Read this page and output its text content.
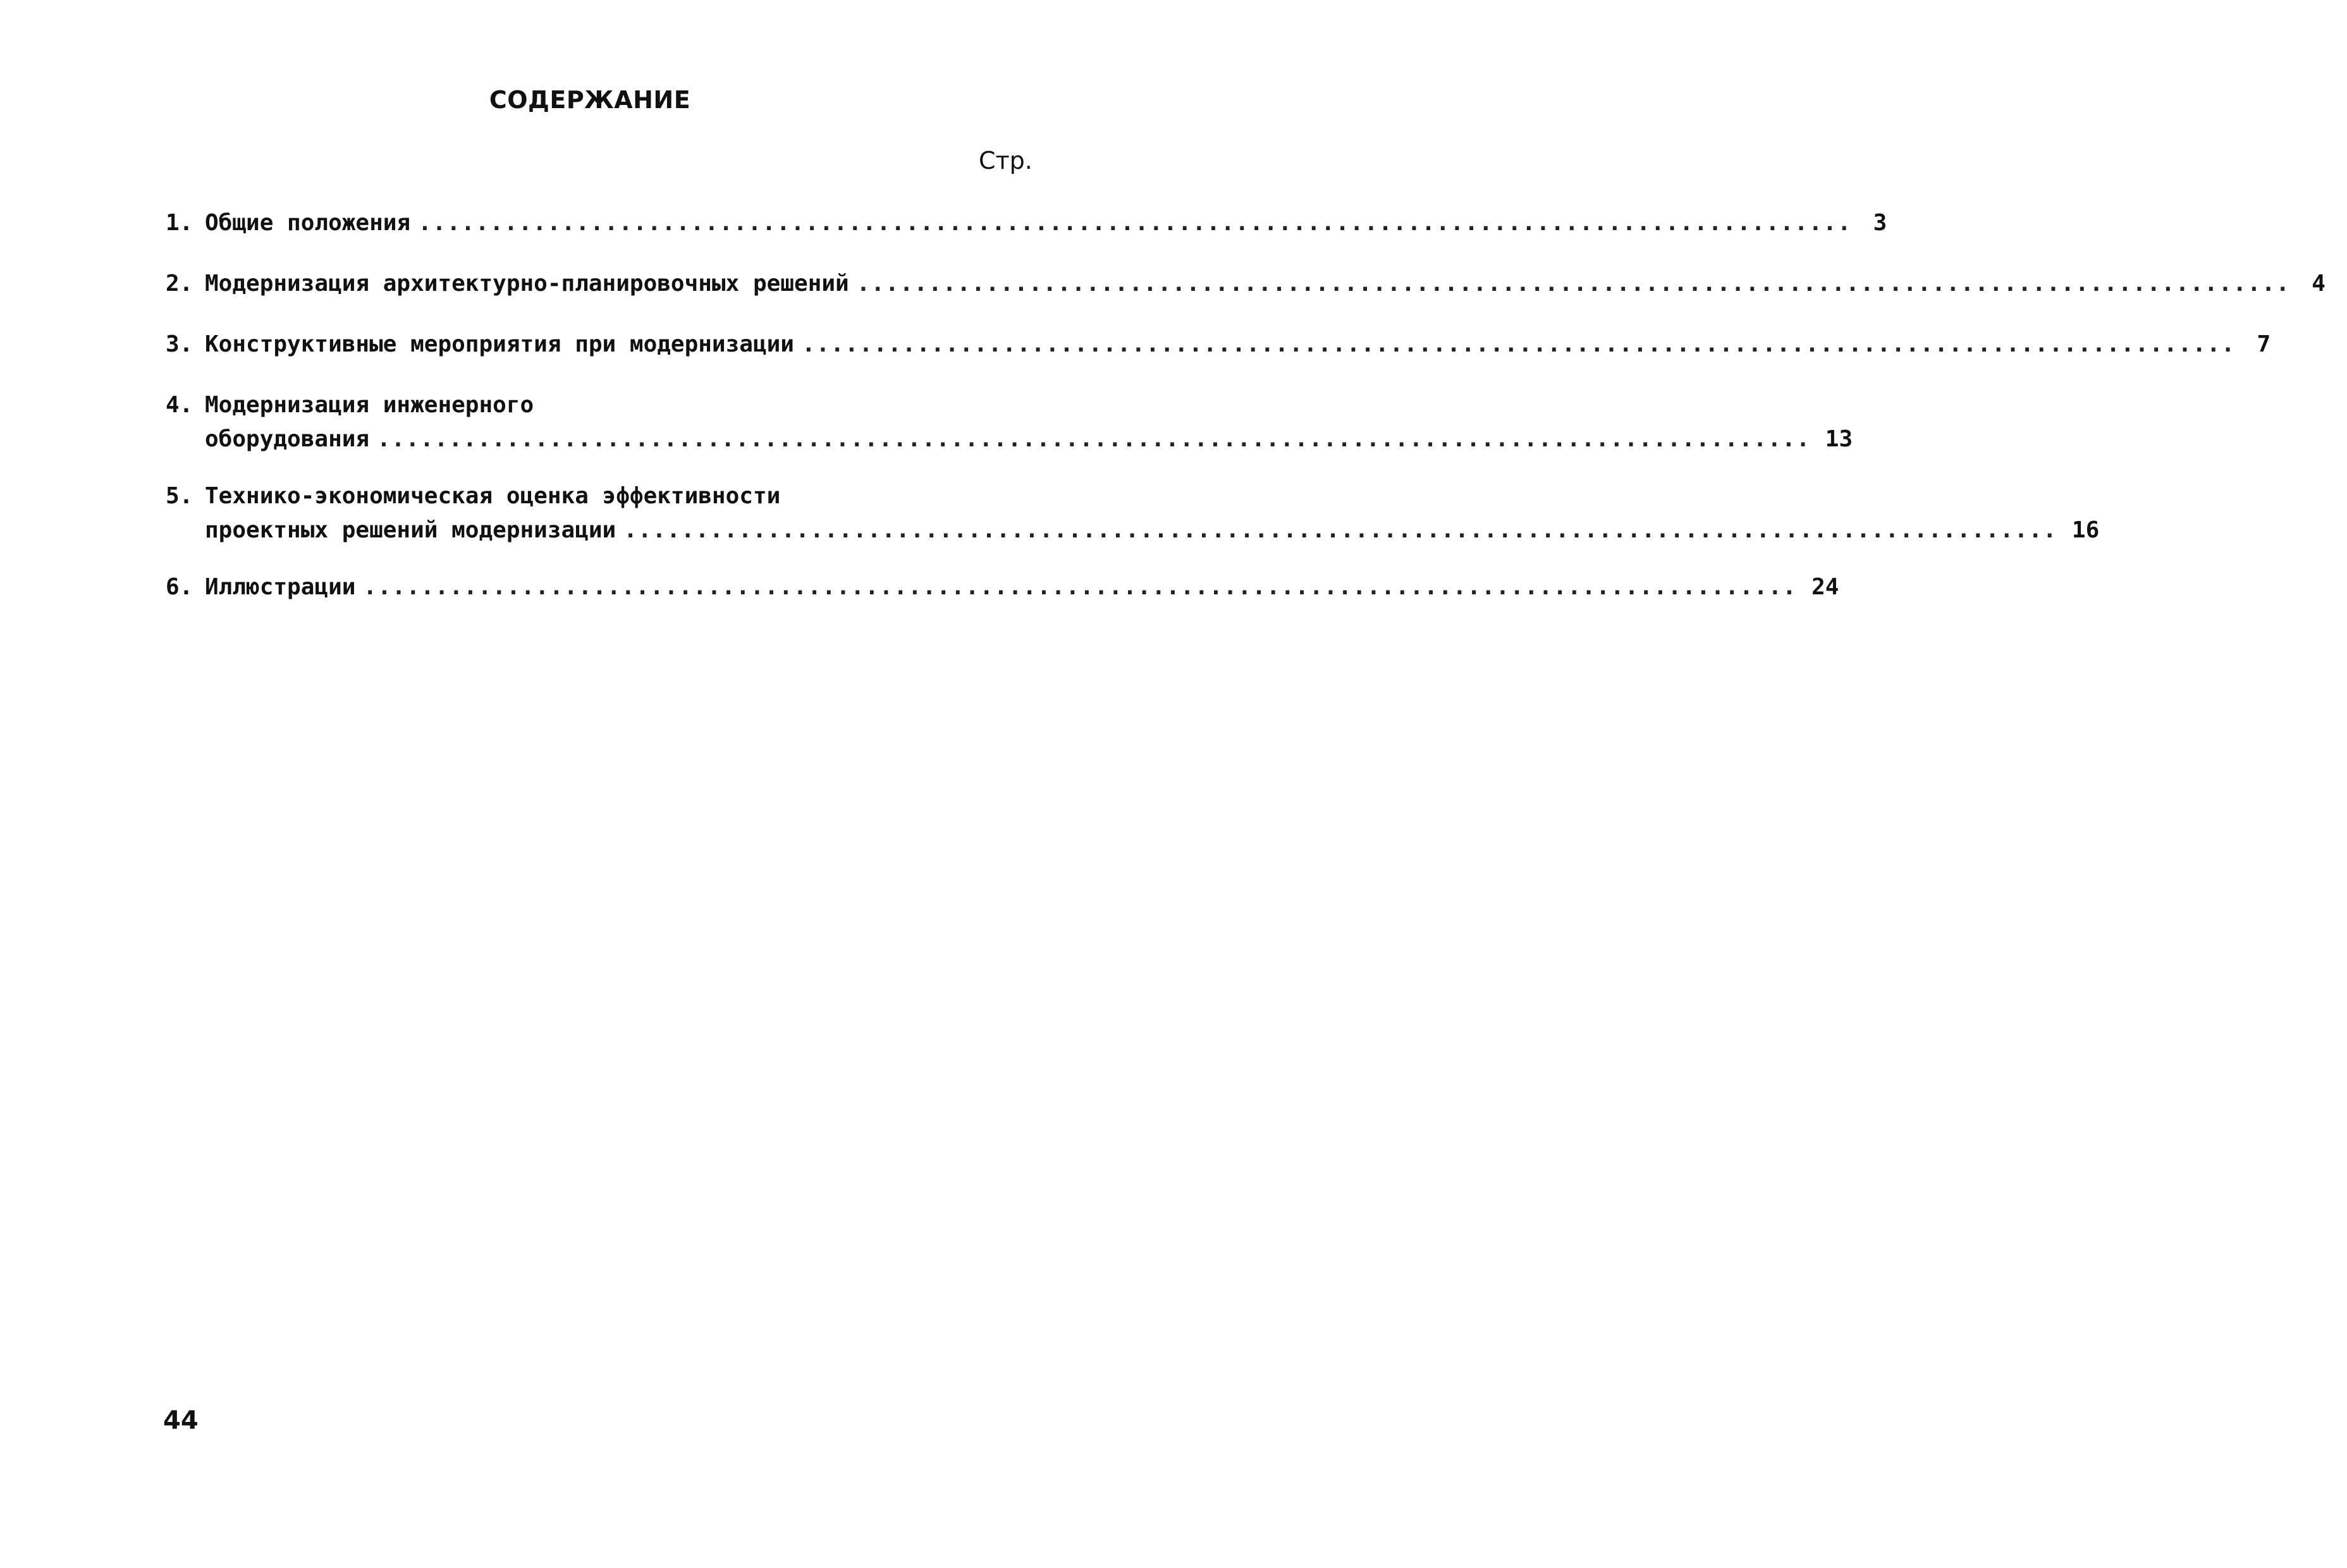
СОДЕРЖАНИЕ
Стр.
1. Общие положения .................................................................................................... 3
2. Модернизация архитектурно-планировочных решений .................................................................................................... 4
3. Конструктивные мероприятия при модернизации .................................................................................................... 7
4. Модернизация инженерного
оборудования .................................................................................................... 13
5. Технико-экономическая оценка эффективности
проектных решений модернизации .................................................................................................... 16
6. Иллюстрации .................................................................................................... 24
44
